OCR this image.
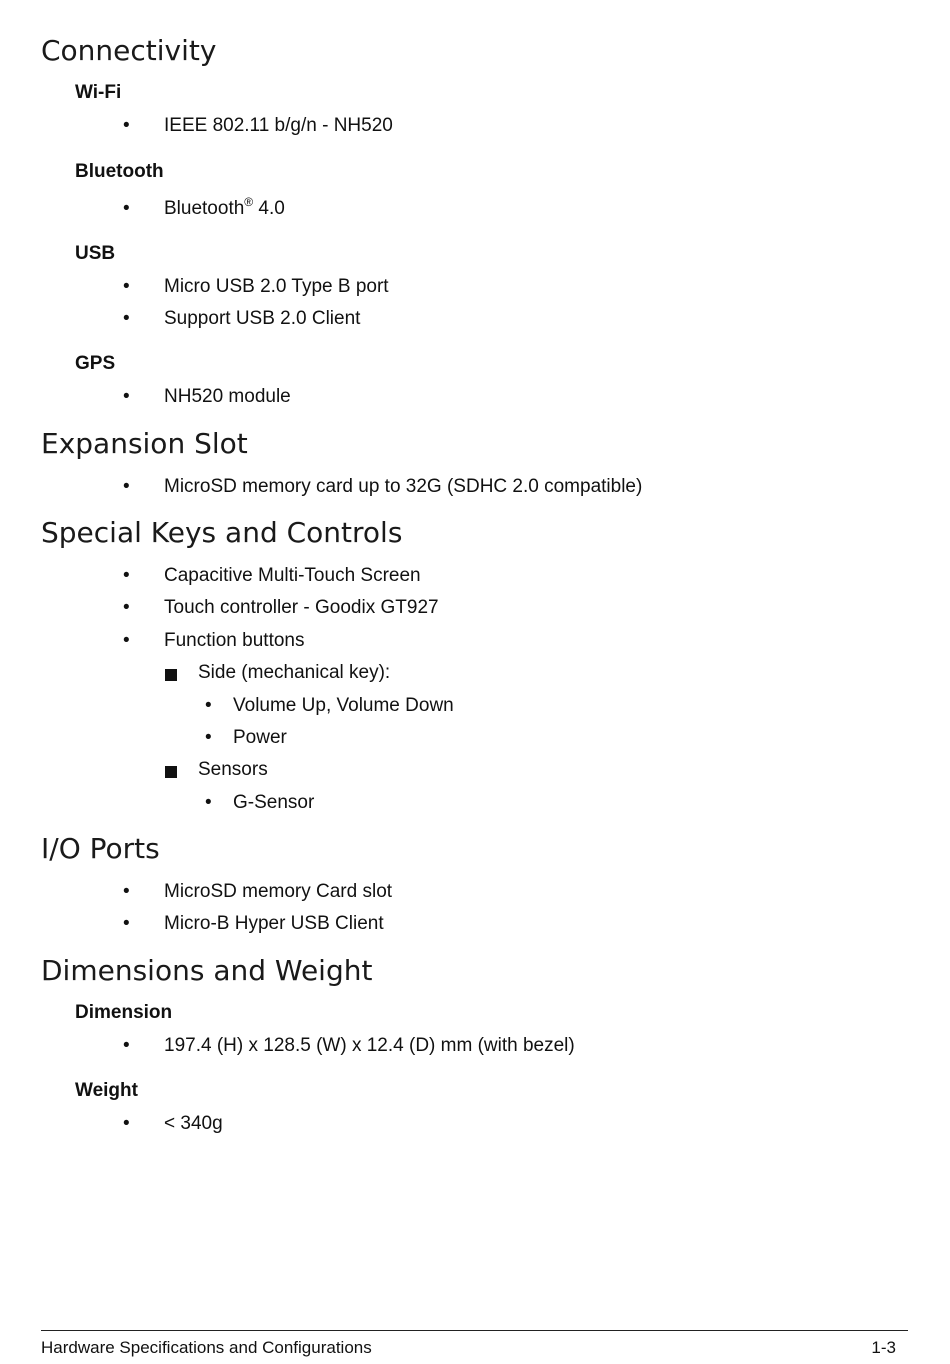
Connectivity
Wi-Fi
• IEEE 802.11 b/g/n - NH520
Bluetooth
• Bluetooth® 4.0
USB
• Micro USB 2.0 Type B port
• Support USB 2.0 Client
GPS
• NH520 module
Expansion Slot
• MicroSD memory card up to 32G (SDHC 2.0 compatible)
Special Keys and Controls
• Capacitive Multi-Touch Screen
• Touch controller - Goodix GT927
• Function buttons
Side (mechanical key):
• Volume Up, Volume Down
• Power
Sensors
• G-Sensor
I/O Ports
• MicroSD memory Card slot
• Micro-B Hyper USB Client
Dimensions and Weight
Dimension
• 197.4 (H) x 128.5 (W) x 12.4 (D) mm (with bezel)
Weight
• < 340g
Hardware Specifications and Configurations	1-3
